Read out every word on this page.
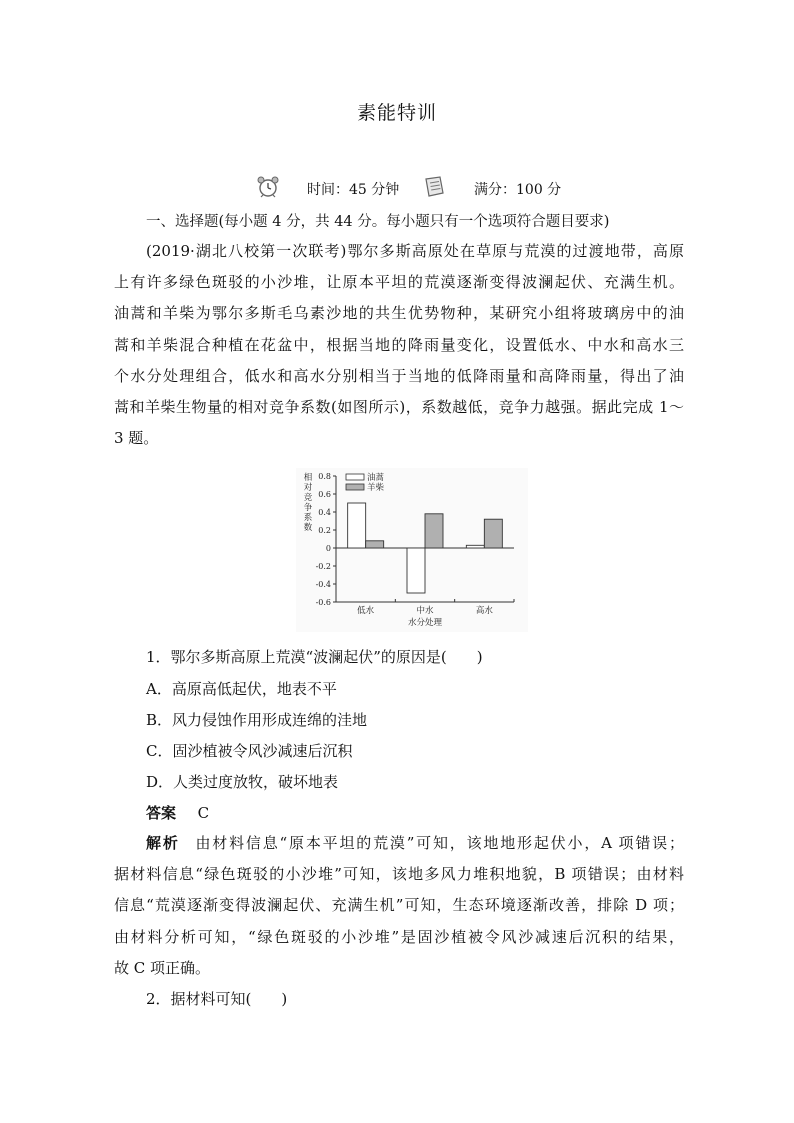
素能特训
时间：45 分钟	满分：100 分
一、选择题(每小题 4 分，共 44 分。每小题只有一个选项符合题目要求)
(2019·湖北八校第一次联考)鄂尔多斯高原处在草原与荒漠的过渡地带，高原
上有许多绿色斑驳的小沙堆，让原本平坦的荒漠逐渐变得波澜起伏、充满生机。
油蒿和羊柴为鄂尔多斯毛乌素沙地的共生优势物种，某研究小组将玻璃房中的油
蒿和羊柴混合种植在花盆中，根据当地的降雨量变化，设置低水、中水和高水三
个水分处理组合，低水和高水分别相当于当地的低降雨量和高降雨量，得出了油
蒿和羊柴生物量的相对竞争系数(如图所示)，系数越低，竞争力越强。据此完成 1～
3 题。
0.8
0.6
0.4
0.2
0
-0.2
-0.4
-0.6
相
对
竞
争
系
数
低水	中水	高水
水分处理
油蒿
羊柴
1．鄂尔多斯高原上荒漠“波澜起伏”的原因是(　　)
A．高原高低起伏，地表不平
B．风力侵蚀作用形成连绵的洼地
C．固沙植被令风沙减速后沉积
D．人类过度放牧，破坏地表
答案 C
解析 由材料信息“原本平坦的荒漠”可知，该地地形起伏小，A 项错误；
据材料信息“绿色斑驳的小沙堆”可知，该地多风力堆积地貌，B 项错误；由材料
信息“荒漠逐渐变得波澜起伏、充满生机”可知，生态环境逐渐改善，排除 D 项；
由材料分析可知，“绿色斑驳的小沙堆”是固沙植被令风沙减速后沉积的结果，
故 C 项正确。
2．据材料可知(　　)
